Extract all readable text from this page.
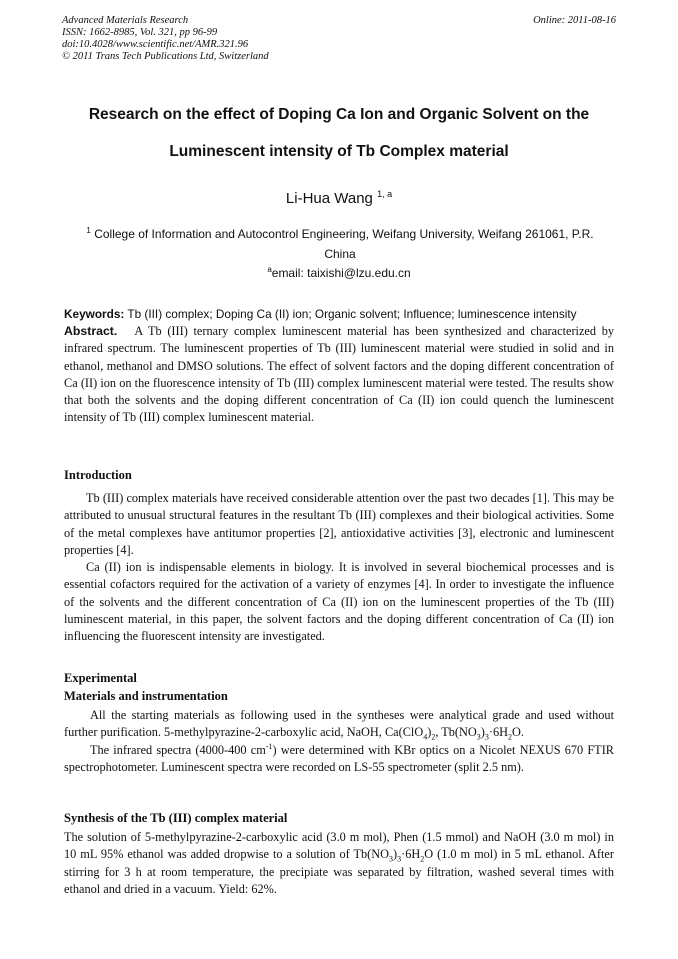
Advanced Materials Research
ISSN: 1662-8985, Vol. 321, pp 96-99
doi:10.4028/www.scientific.net/AMR.321.96
© 2011 Trans Tech Publications Ltd, Switzerland
Online: 2011-08-16
Research on the effect of Doping Ca Ion and Organic Solvent on the
Luminescent intensity of Tb Complex material
Li-Hua Wang $^{1, a}$
$^1$ College of Information and Autocontrol Engineering, Weifang University, Weifang 261061, P.R. China
$^a$email: taixishi@lzu.edu.cn
Keywords: Tb (III) complex; Doping Ca (II) ion; Organic solvent; Influence; luminescence intensity
Abstract. A Tb (III) ternary complex luminescent material has been synthesized and characterized by infrared spectrum. The luminescent properties of Tb (III) luminescent material were studied in solid and in ethanol, methanol and DMSO solutions. The effect of solvent factors and the doping different concentration of Ca (II) ion on the fluorescence intensity of Tb (III) complex luminescent material were tested. The results show that both the solvents and the doping different concentration of Ca (II) ion could quench the luminescent intensity of Tb (III) complex luminescent material.
Introduction

Tb (III) complex materials have received considerable attention over the past two decades [1]. This may be attributed to unusual structural features in the resultant Tb (III) complexes and their biological activities. Some of the metal complexes have antitumor properties [2], antioxidative activities [3], electronic and luminescent properties [4].

Ca (II) ion is indispensable elements in biology. It is involved in several biochemical processes and is essential cofactors required for the activation of a variety of enzymes [4]. In order to investigate the influence of the solvents and the different concentration of Ca (II) ion on the luminescent properties of the Tb (III) luminescent material, in this paper, the solvent factors and the doping different concentration of Ca (II) ion influencing the fluorescent intensity are investigated.

Experimental
Materials and instrumentation

All the starting materials as following used in the syntheses were analytical grade and used without further purification. 5-methylpyrazine-2-carboxylic acid, NaOH, $Ca(ClO_4)_2$, $Tb(NO_3)_3\cdot 6H_2O$.

The infrared spectra (4000-400 $cm^{-1}$) were determined with KBr optics on a Nicolet NEXUS 670 FTIR spectrophotometer. Luminescent spectra were recorded on LS-55 spectrometer (split 2.5 nm).

Synthesis of the Tb (III) complex material

The solution of 5-methylpyrazine-2-carboxylic acid (3.0 m mol), Phen (1.5 mmol) and NaOH (3.0 m mol) in 10 mL 95% ethanol was added dropwise to a solution of $Tb(NO_3)_3\cdot 6H_2O$ (1.0 m mol) in 5 mL ethanol. After stirring for 3 h at room temperature, the precipiate was separated by filtration, washed several times with ethanol and dried in a vacuum. Yield: 62%.
